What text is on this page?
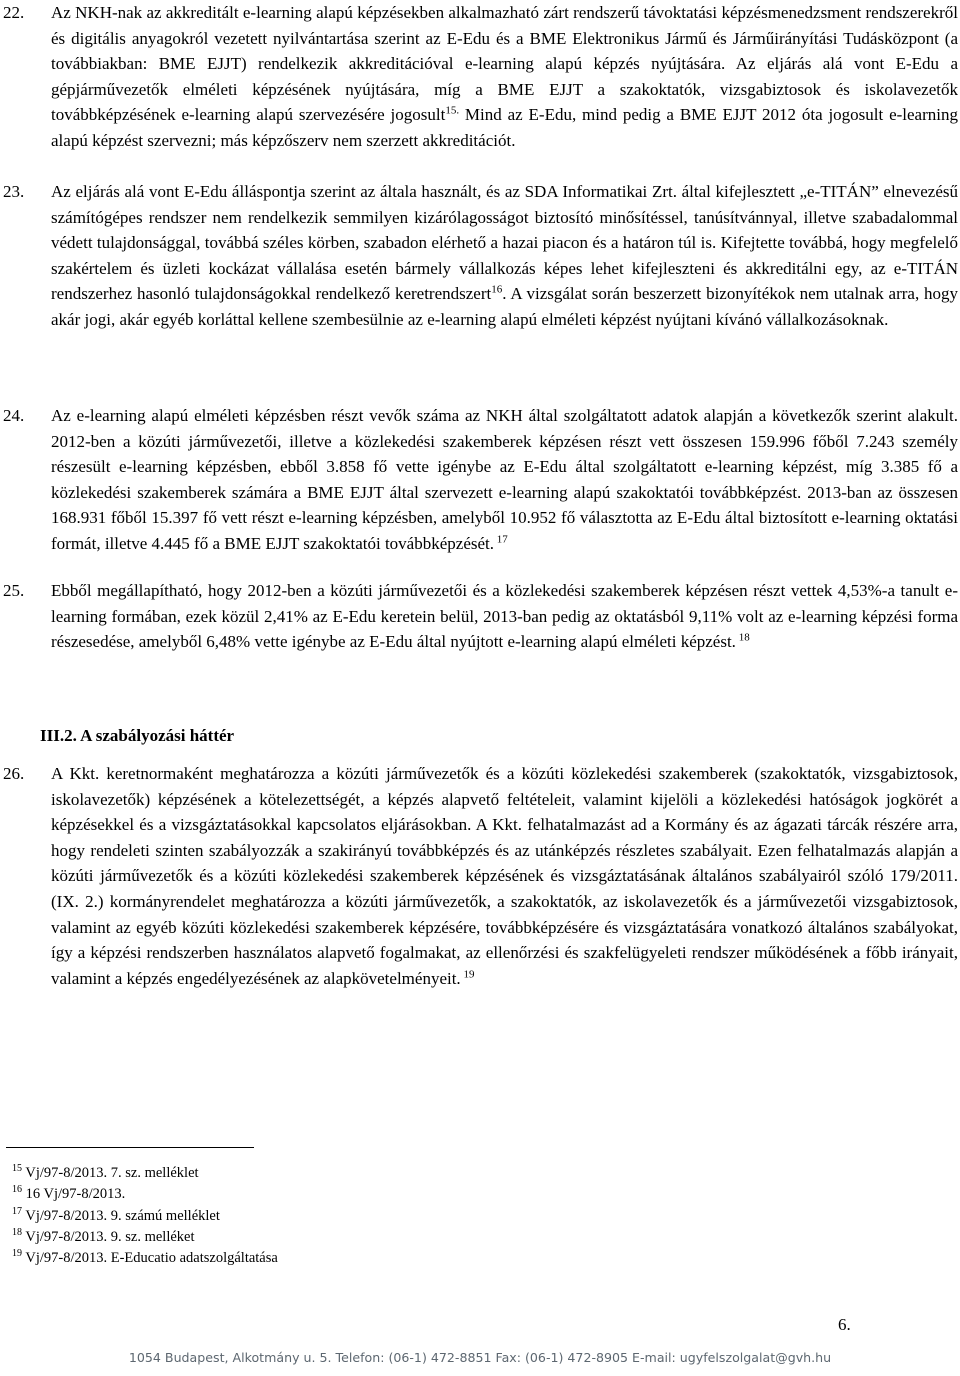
22. Az NKH-nak az akkreditált e-learning alapú képzésekben alkalmazható zárt rendszerű távoktatási képzésmenedzsment rendszerekről és digitális anyagokról vezetett nyilvántartása szerint az E-Edu és a BME Elektronikus Jármű és Járműirányítási Tudásközpont (a továbbiakban: BME EJJT) rendelkezik akkreditációval e-learning alapú képzés nyújtására. Az eljárás alá vont E-Edu a gépjárművezetők elméleti képzésének nyújtására, míg a BME EJJT a szakoktatók, vizsgabiztosok és iskolavezetők továbbképzésének e-learning alapú szervezésére jogosult$^{15.}$ Mind az E-Edu, mind pedig a BME EJJT 2012 óta jogosult e-learning alapú képzést szervezni; más képzőszerv nem szerzett akkreditációt.
23. Az eljárás alá vont E-Edu álláspontja szerint az általa használt, és az SDA Informatikai Zrt. által kifejlesztett „e-TITÁN” elnevezésű számítógépes rendszer nem rendelkezik semmilyen kizárólagosságot biztosító minősítéssel, tanúsítvánnyal, illetve szabadalommal védett tulajdonsággal, továbbá széles körben, szabadon elérhető a hazai piacon és a határon túl is. Kifejtette továbbá, hogy megfelelő szakértelem és üzleti kockázat vállalása esetén bármely vállalkozás képes lehet kifejleszteni és akkreditálni egy, az e-TITÁN rendszerhez hasonló tulajdonságokkal rendelkező keretrendszert$^{16}$. A vizsgálat során beszerzett bizonyítékok nem utalnak arra, hogy akár jogi, akár egyéb korláttal kellene szembesülnie az e-learning alapú elméleti képzést nyújtani kívánó vállalkozásoknak.
24. Az e-learning alapú elméleti képzésben részt vevők száma az NKH által szolgáltatott adatok alapján a következők szerint alakult. 2012-ben a közúti járművezetői, illetve a közlekedési szakemberek képzésen részt vett összesen 159.996 főből 7.243 személy részesült e-learning képzésben, ebből 3.858 fő vette igénybe az E-Edu által szolgáltatott e-learning képzést, míg 3.385 fő a közlekedési szakemberek számára a BME EJJT által szervezett e-learning alapú szakoktatói továbbképzést. 2013-ban az összesen 168.931 főből 15.397 fő vett részt e-learning képzésben, amelyből 10.952 fő választotta az E-Edu által biztosított e-learning oktatási formát, illetve 4.445 fő a BME EJJT szakoktatói továbbképzését. $^{17}$
25. Ebből megállapítható, hogy 2012-ben a közúti járművezetői és a közlekedési szakemberek képzésen részt vettek 4,53%-a tanult e-learning formában, ezek közül 2,41% az E-Edu keretein belül, 2013-ban pedig az oktatásból 9,11% volt az e-learning képzési forma részesedése, amelyből 6,48% vette igénybe az E-Edu által nyújtott e-learning alapú elméleti képzést. $^{18}$
III.2. A szabályozási háttér
26. A Kkt. keretnormaként meghatározza a közúti járművezetők és a közúti közlekedési szakemberek (szakoktatók, vizsgabiztosok, iskolavezetők) képzésének a kötelezettségét, a képzés alapvető feltételeit, valamint kijelöli a közlekedési hatóságok jogkörét a képzésekkel és a vizsgáztatásokkal kapcsolatos eljárásokban. A Kkt. felhatalmazást ad a Kormány és az ágazati tárcák részére arra, hogy rendeleti szinten szabályozzák a szakirányú továbbképzés és az utánképzés részletes szabályait. Ezen felhatalmazás alapján a közúti járművezetők és a közúti közlekedési szakemberek képzésének és vizsgáztatásának általános szabályairól szóló 179/2011. (IX. 2.) kormányrendelet meghatározza a közúti járművezetők, a szakoktatók, az iskolavezetők és a járművezetői vizsgabiztosok, valamint az egyéb közúti közlekedési szakemberek képzésére, továbbképzésére és vizsgáztatására vonatkozó általános szabályokat, így a képzési rendszerben használatos alapvető fogalmakat, az ellenőrzési és szakfelügyeleti rendszer működésének a főbb irányait, valamint a képzés engedélyezésének az alapkövetelményeit. $^{19}$
$^{15}$ Vj/97-8/2013. 7. sz. melléklet
$^{16}$ 16 Vj/97-8/2013.
$^{17}$ Vj/97-8/2013. 9. számú melléklet
$^{18}$ Vj/97-8/2013. 9. sz. melléket
$^{19}$ Vj/97-8/2013. E-Educatio adatszolgáltatása
6.
1054 Budapest, Alkotmány u. 5. Telefon: (06-1) 472-8851 Fax: (06-1) 472-8905 E-mail: ugyfelszolgalat@gvh.hu
